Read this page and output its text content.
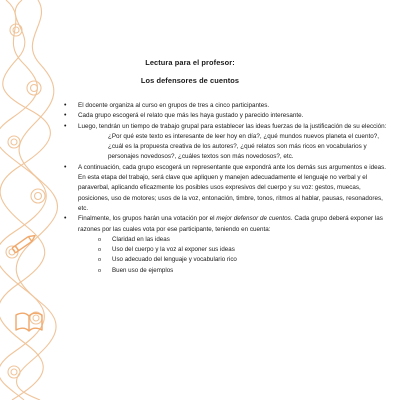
Lectura para el profesor:
Los defensores de cuentos
• El docente organiza al curso en grupos de tres a cinco participantes.
• Cada grupo escogerá el relato que más les haya gustado y parecido interesante.
• Luego, tendrán un tiempo de trabajo grupal para establecer las ideas fuerzas de la justificación de su elección:
¿Por qué este texto es interesante de leer hoy en día?, ¿qué mundos nuevos planeta el cuento?, ¿cuál es la propuesta creativa de los autores?, ¿qué relatos son más ricos en vocabularios y personajes novedosos?, ¿cuáles textos son más novedosos?, etc.
• A continuación, cada grupo escogerá un representante que expondrá ante los demás sus argumentos e ideas. En esta etapa del trabajo, será clave que apliquen y manejen adecuadamente el lenguaje no verbal y el paraverbal, aplicando eficazmente los posibles usos expresivos del cuerpo y su voz: gestos, muecas, posiciones, uso de motores; usos de la voz, entonación, timbre, tonos, ritmos al hablar, pausas, resonadores, etc.
• Finalmente, los grupos harán una votación por el mejor defensor de cuentos. Cada grupo deberá exponer las razones por las cuales vota por ese participante, teniendo en cuenta:
o Claridad en las ideas
o Uso del cuerpo y la voz al exponer sus ideas
o Uso adecuado del lenguaje y vocabulario rico
o Buen uso de ejemplos
